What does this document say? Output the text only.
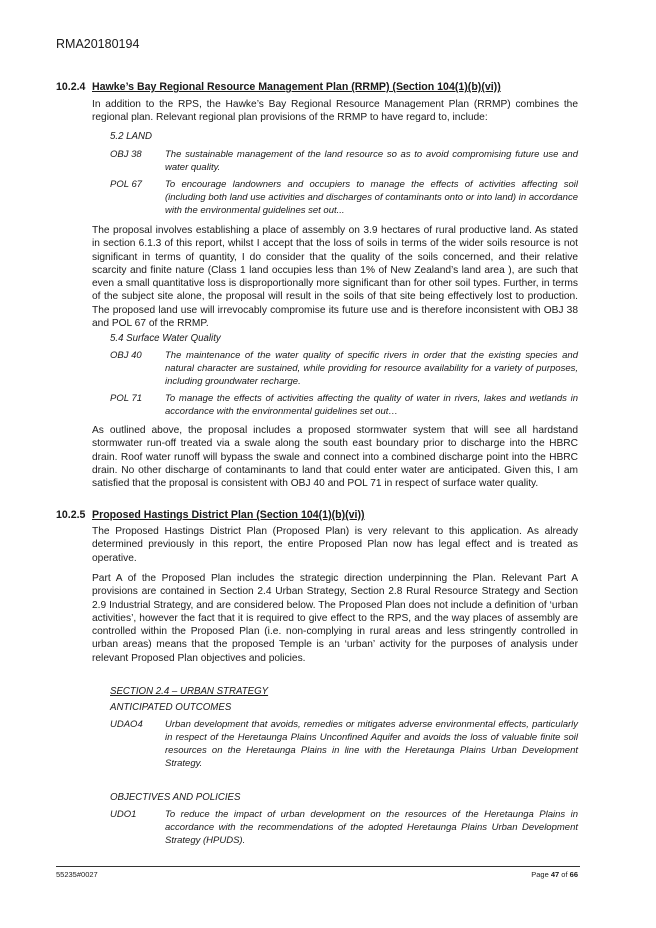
RMA20180194
10.2.4 Hawke’s Bay Regional Resource Management Plan (RRMP) (Section 104(1)(b)(vi))
In addition to the RPS, the Hawke’s Bay Regional Resource Management Plan (RRMP) combines the regional plan. Relevant regional plan provisions of the RRMP to have regard to, include:
5.2 LAND
OBJ 38	The sustainable management of the land resource so as to avoid compromising future use and water quality.
POL 67	To encourage landowners and occupiers to manage the effects of activities affecting soil (including both land use activities and discharges of contaminants onto or into land) in accordance with the environmental guidelines set out...
The proposal involves establishing a place of assembly on 3.9 hectares of rural productive land. As stated in section 6.1.3 of this report, whilst I accept that the loss of soils in terms of the wider soils resource is not significant in terms of quantity, I do consider that the quality of the soils concerned, and their relative scarcity and finite nature (Class 1 land occupies less than 1% of New Zealand’s land area ), are such that even a small quantitative loss is disproportionally more significant than for other soil types. Further, in terms of the subject site alone, the proposal will result in the soils of that site being effectively lost to production. The proposed land use will irrevocably compromise its future use and is therefore inconsistent with OBJ 38 and POL 67 of the RRMP.
5.4 Surface Water Quality
OBJ 40	The maintenance of the water quality of specific rivers in order that the existing species and natural character are sustained, while providing for resource availability for a variety of purposes, including groundwater recharge.
POL 71	To manage the effects of activities affecting the quality of water in rivers, lakes and wetlands in accordance with the environmental guidelines set out…
As outlined above, the proposal includes a proposed stormwater system that will see all hardstand stormwater run-off treated via a swale along the south east boundary prior to discharge into the HBRC drain. Roof water runoff will bypass the swale and connect into a combined discharge point into the HBRC drain. No other discharge of contaminants to land that could enter water are anticipated. Given this, I am satisfied that the proposal is consistent with OBJ 40 and POL 71 in respect of surface water quality.
10.2.5 Proposed Hastings District Plan (Section 104(1)(b)(vi))
The Proposed Hastings District Plan (Proposed Plan) is very relevant to this application. As already determined previously in this report, the entire Proposed Plan now has legal effect and is treated as operative.
Part A of the Proposed Plan includes the strategic direction underpinning the Plan. Relevant Part A provisions are contained in Section 2.4 Urban Strategy, Section 2.8 Rural Resource Strategy and Section 2.9 Industrial Strategy, and are considered below. The Proposed Plan does not include a definition of ‘urban activities’, however the fact that it is required to give effect to the RPS, and the way places of assembly are controlled within the Proposed Plan (i.e. non-complying in rural areas and less stringently controlled in urban areas) means that the proposed Temple is an ‘urban’ activity for the purposes of analysis under relevant Proposed Plan objectives and policies.
SECTION 2.4 – URBAN STRATEGY
ANTICIPATED OUTCOMES
UDAO4	Urban development that avoids, remedies or mitigates adverse environmental effects, particularly in respect of the Heretaunga Plains Unconfined Aquifer and avoids the loss of valuable finite soil resources on the Heretaunga Plains in line with the Heretaunga Plains Urban Development Strategy.
OBJECTIVES AND POLICIES
UDO1	To reduce the impact of urban development on the resources of the Heretaunga Plains in accordance with the recommendations of the adopted Heretaunga Plains Urban Development Strategy (HPUDS).
55235#0027	Page 47 of 66
